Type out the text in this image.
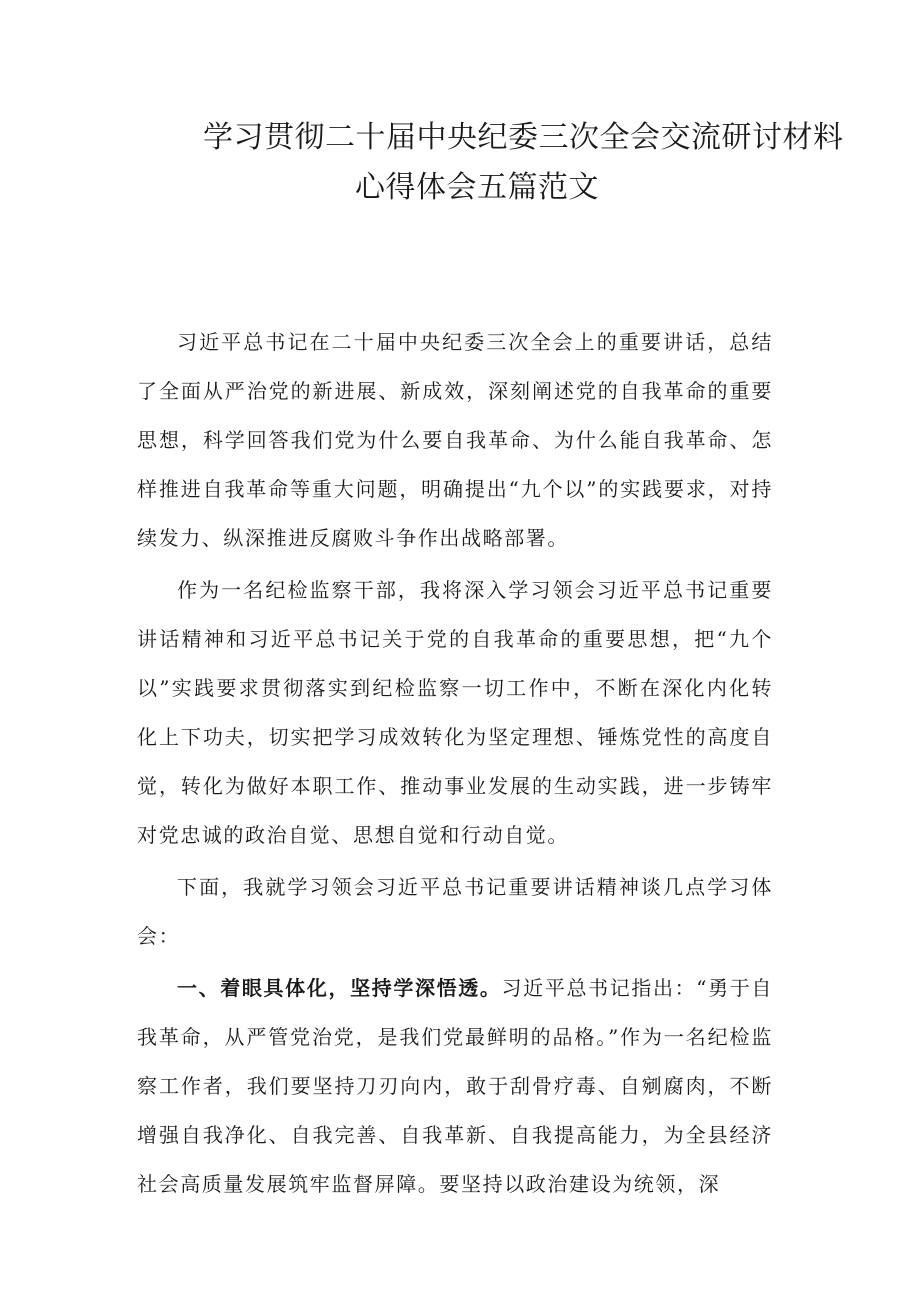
学习贯彻二十届中央纪委三次全会交流研讨材料
心得体会五篇范文

习近平总书记在二十届中央纪委三次全会上的重要讲话，总结了全面从严治党的新进展、新成效，深刻阐述党的自我革命的重要思想，科学回答我们党为什么要自我革命、为什么能自我革命、怎样推进自我革命等重大问题，明确提出“九个以”的实践要求，对持续发力、纵深推进反腐败斗争作出战略部署。

作为一名纪检监察干部，我将深入学习领会习近平总书记重要讲话精神和习近平总书记关于党的自我革命的重要思想，把“九个以”实践要求贯彻落实到纪检监察一切工作中，不断在深化内化转化上下功夫，切实把学习成效转化为坚定理想、锤炼党性的高度自觉，转化为做好本职工作、推动事业发展的生动实践，进一步铸牢对党忠诚的政治自觉、思想自觉和行动自觉。

下面，我就学习领会习近平总书记重要讲话精神谈几点学习体会：

一、着眼具体化，坚持学深悟透。习近平总书记指出：“勇于自我革命，从严管党治党，是我们党最鲜明的品格。”作为一名纪检监察工作者，我们要坚持刀刃向内，敢于刮骨疗毒、自剜腐肉，不断增强自我净化、自我完善、自我革新、自我提高能力，为全县经济社会高质量发展筑牢监督屏障。要坚持以政治建设为统领，深
